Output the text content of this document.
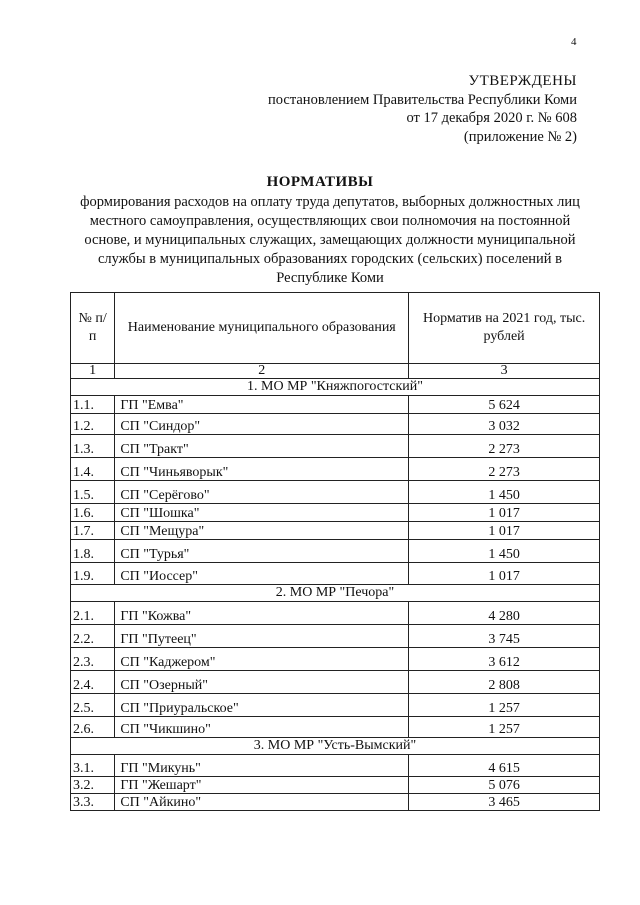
4
УТВЕРЖДЕНЫ
постановлением Правительства Республики Коми
от 17 декабря 2020 г. № 608
(приложение № 2)
НОРМАТИВЫ
формирования расходов на оплату труда депутатов, выборных должностных лиц местного самоуправления, осуществляющих свои полномочия на постоянной основе, и муниципальных служащих, замещающих должности муниципальной службы в муниципальных образованиях городских (сельских) поселений в Республике Коми
№ п/п	Наименование муниципального образования	Норматив на 2021 год, тыс. рублей
1	2	3
1. МО МР "Княжпогостский"		
1.1.	ГП "Емва"	5 624
1.2.	СП "Синдор"	3 032
1.3.	СП "Тракт"	2 273
1.4.	СП "Чиньяворык"	2 273
1.5.	СП "Серёгово"	1 450
1.6.	СП "Шошка"	1 017
1.7.	СП "Мещура"	1 017
1.8.	СП "Турья"	1 450
1.9.	СП "Иоссер"	1 017
2. МО МР "Печора"		
2.1.	ГП "Кожва"	4 280
2.2.	ГП "Путеец"	3 745
2.3.	СП "Каджером"	3 612
2.4.	СП "Озерный"	2 808
2.5.	СП "Приуральское"	1 257
2.6.	СП "Чикшино"	1 257
3. МО МР "Усть-Вымский"		
3.1.	ГП "Микунь"	4 615
3.2.	ГП "Жешарт"	5 076
3.3.	СП "Айкино"	3 465
